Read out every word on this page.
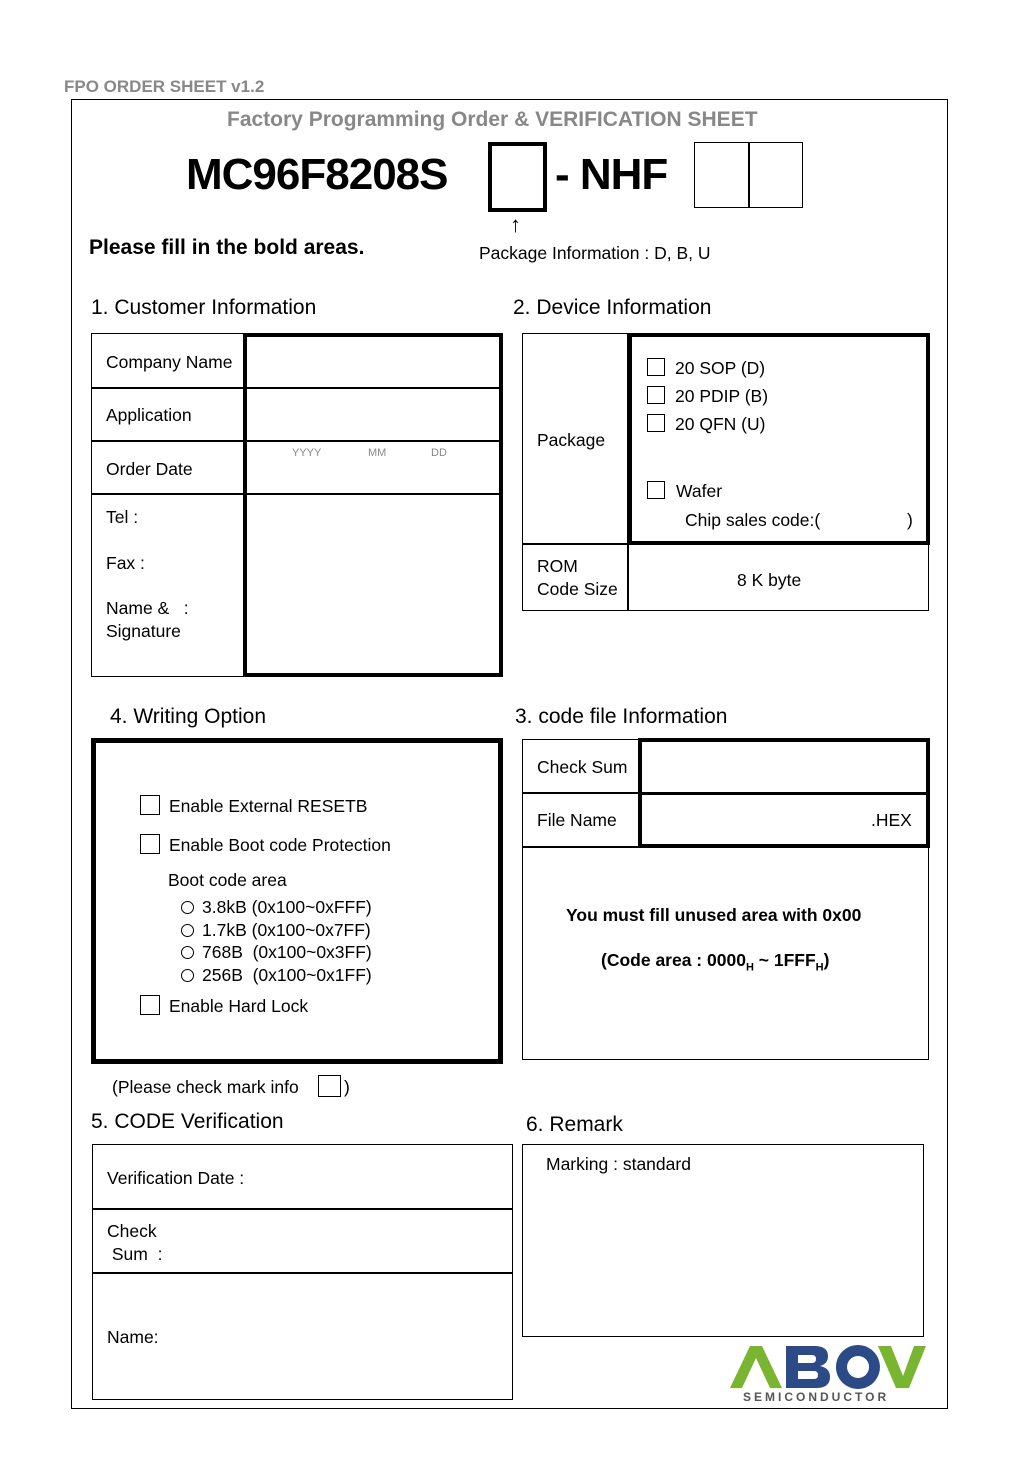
FPO ORDER SHEET v1.2
Factory Programming Order & VERIFICATION SHEET
MC96F8208S - NHF
↑
Please fill in the bold areas.	Package Information : D, B, U
1. Customer Information
Company Name
Application
Order Date
YYYY	MM	DD
Tel :
Fax :
Name &   :
Signature
2. Device Information
Package
20 SOP (D)
20 PDIP (B)
20 QFN (U)
Wafer
Chip sales code:(	)
ROM
Code Size	8 K byte
4. Writing Option
Enable External RESETB
Enable Boot code Protection
Boot code area
3.8kB (0x100~0xFFF)
1.7kB (0x100~0x7FF)
768B  (0x100~0x3FF)
256B  (0x100~0x1FF)
Enable Hard Lock
(Please check mark info	)
3. code file Information
Check Sum
File Name	.HEX
You must fill unused area with 0x00
(Code area : $0000_H$ ~ $1FFF_H$)
5. CODE Verification
Verification Date :
Check
Sum  :
Name:
6. Remark
Marking : standard
SEMICONDUCTOR
